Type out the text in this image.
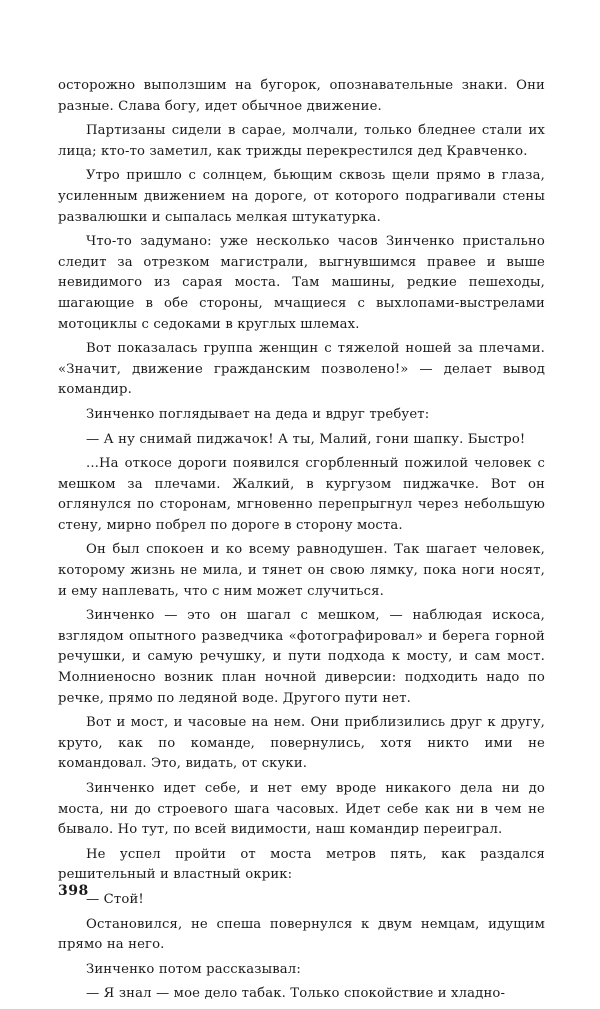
осторожно выползшим на бугорок, опознавательные знаки. Они разные. Слава богу, идет обычное движение.

Партизаны сидели в сарае, молчали, только бледнее стали их лица; кто-то заметил, как трижды перекрестился дед Кравченко.

Утро пришло с солнцем, бьющим сквозь щели прямо в глаза, усиленным движением на дороге, от которого подрагивали стены развалюшки и сыпалась мелкая штукатурка.

Что-то задумано: уже несколько часов Зинченко пристально следит за отрезком магистрали, выгнувшимся правее и выше невидимого из сарая моста. Там машины, редкие пешеходы, шагающие в обе стороны, мчащиеся с выхлопами-выстрелами мотоциклы с седоками в круглых шлемах.

Вот показалась группа женщин с тяжелой ношей за плечами. «Значит, движение гражданским позволено!» — делает вывод командир.

Зинченко поглядывает на деда и вдруг требует:

— А ну снимай пиджачок! А ты, Малий, гони шапку. Быстро!

...На откосе дороги появился сгорбленный пожилой человек с мешком за плечами. Жалкий, в кургузом пиджачке. Вот он оглянулся по сторонам, мгновенно перепрыгнул через небольшую стену, мирно побрел по дороге в сторону моста.

Он был спокоен и ко всему равнодушен. Так шагает человек, которому жизнь не мила, и тянет он свою лямку, пока ноги носят, и ему наплевать, что с ним может случиться.

Зинченко — это он шагал с мешком, — наблюдая искоса, взглядом опытного разведчика «фотографировал» и берега горной речушки, и самую речушку, и пути подхода к мосту, и сам мост. Молниеносно возник план ночной диверсии: подходить надо по речке, прямо по ледяной воде. Другого пути нет.

Вот и мост, и часовые на нем. Они приблизились друг к другу, круто, как по команде, повернулись, хотя никто ими не командовал. Это, видать, от скуки.

Зинченко идет себе, и нет ему вроде никакого дела ни до моста, ни до строевого шага часовых. Идет себе как ни в чем не бывало. Но тут, по всей видимости, наш командир переиграл.

Не успел пройти от моста метров пять, как раздался решительный и властный окрик:

— Стой!

Остановился, не спеша повернулся к двум немцам, идущим прямо на него.

Зинченко потом рассказывал:

— Я знал — мое дело табак. Только спокойствие и хладно-

398
